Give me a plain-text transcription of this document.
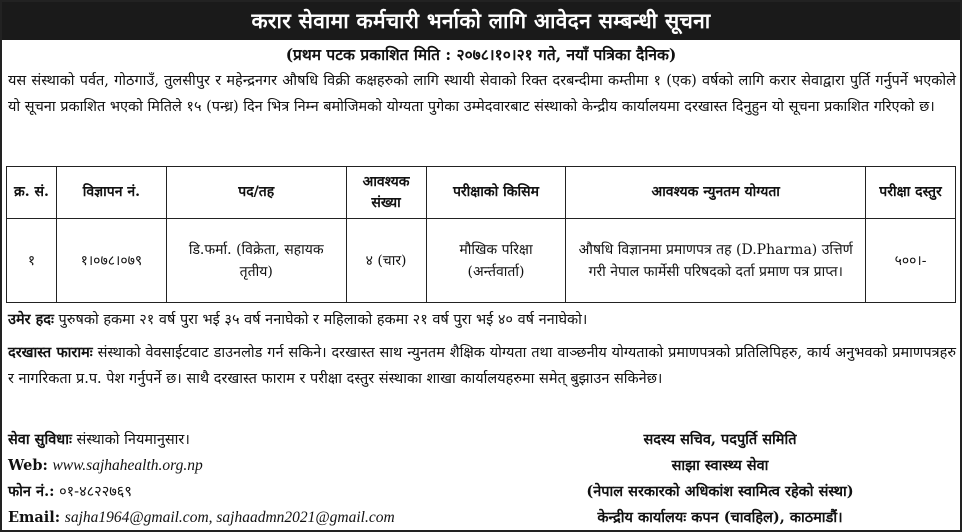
करार सेवामा कर्मचारी भर्नाको लागि आवेदन सम्बन्धी सूचना
(प्रथम पटक प्रकाशित मिति : २०७८।१०।२१ गते, नयाँ पत्रिका दैनिक)
यस संस्थाको पर्वत, गोठगाउँ, तुलसीपुर र महेन्द्रनगर औषधि विक्री कक्षहरुको लागि स्थायी सेवाको रिक्त दरबन्दीमा कम्तीमा १ (एक) वर्षको लागि करार सेवाद्वारा पुर्ति गर्नुपर्ने भएकोले यो सूचना प्रकाशित भएको मितिले १५ (पन्ध्र) दिन भित्र निम्न बमोजिमको योग्यता पुगेका उम्मेदवारबाट संस्थाको केन्द्रीय कार्यालयमा दरखास्त दिनुहुन यो सूचना प्रकाशित गरिएको छ।
क्र. सं.	विज्ञापन नं.	पद/तह	आवश्यक संख्या	परीक्षाको किसिम	आवश्यक न्युनतम योग्यता	परीक्षा दस्तुर
१	१।०७८।०७९	डि.फर्मा. (विक्रेता, सहायक तृतीय)	४ (चार)	मौखिक परिक्षा (अर्न्तवार्ता)	औषधि विज्ञानमा प्रमाणपत्र तह (D.Pharma) उत्तिर्ण गरी नेपाल फार्मेसी परिषदको दर्ता प्रमाण पत्र प्राप्त।	५००।-
उमेर हदः पुरुषको हकमा २१ वर्ष पुरा भई ३५ वर्ष ननाघेको र महिलाको हकमा २१ वर्ष पुरा भई ४० वर्ष ननाघेको।
दरखास्त फारामः संस्थाको वेवसाईटवाट डाउनलोड गर्न सकिने। दरखास्त साथ न्युनतम शैक्षिक योग्यता तथा वाञ्छनीय योग्यताको प्रमाणपत्रको प्रतिलिपिहरु, कार्य अनुभवको प्रमाणपत्रहरु र नागरिकता प्र.प. पेश गर्नुपर्ने छ। साथै दरखास्त फाराम र परीक्षा दस्तुर संस्थाका शाखा कार्यालयहरुमा समेत् बुझाउन सकिनेछ।
सेवा सुविधाः संस्थाको नियमानुसार।
Web: www.sajhahealth.org.np
फोन नं.: ०१-४८२२७६९
Email: sajha1964@gmail.com, sajhaadmn2021@gmail.com
सदस्य सचिव, पदपुर्ति समिति
साझा स्वास्थ्य सेवा
(नेपाल सरकारको अधिकांश स्वामित्व रहेको संस्था)
केन्द्रीय कार्यालयः कपन (चावहिल), काठमाडौं।
